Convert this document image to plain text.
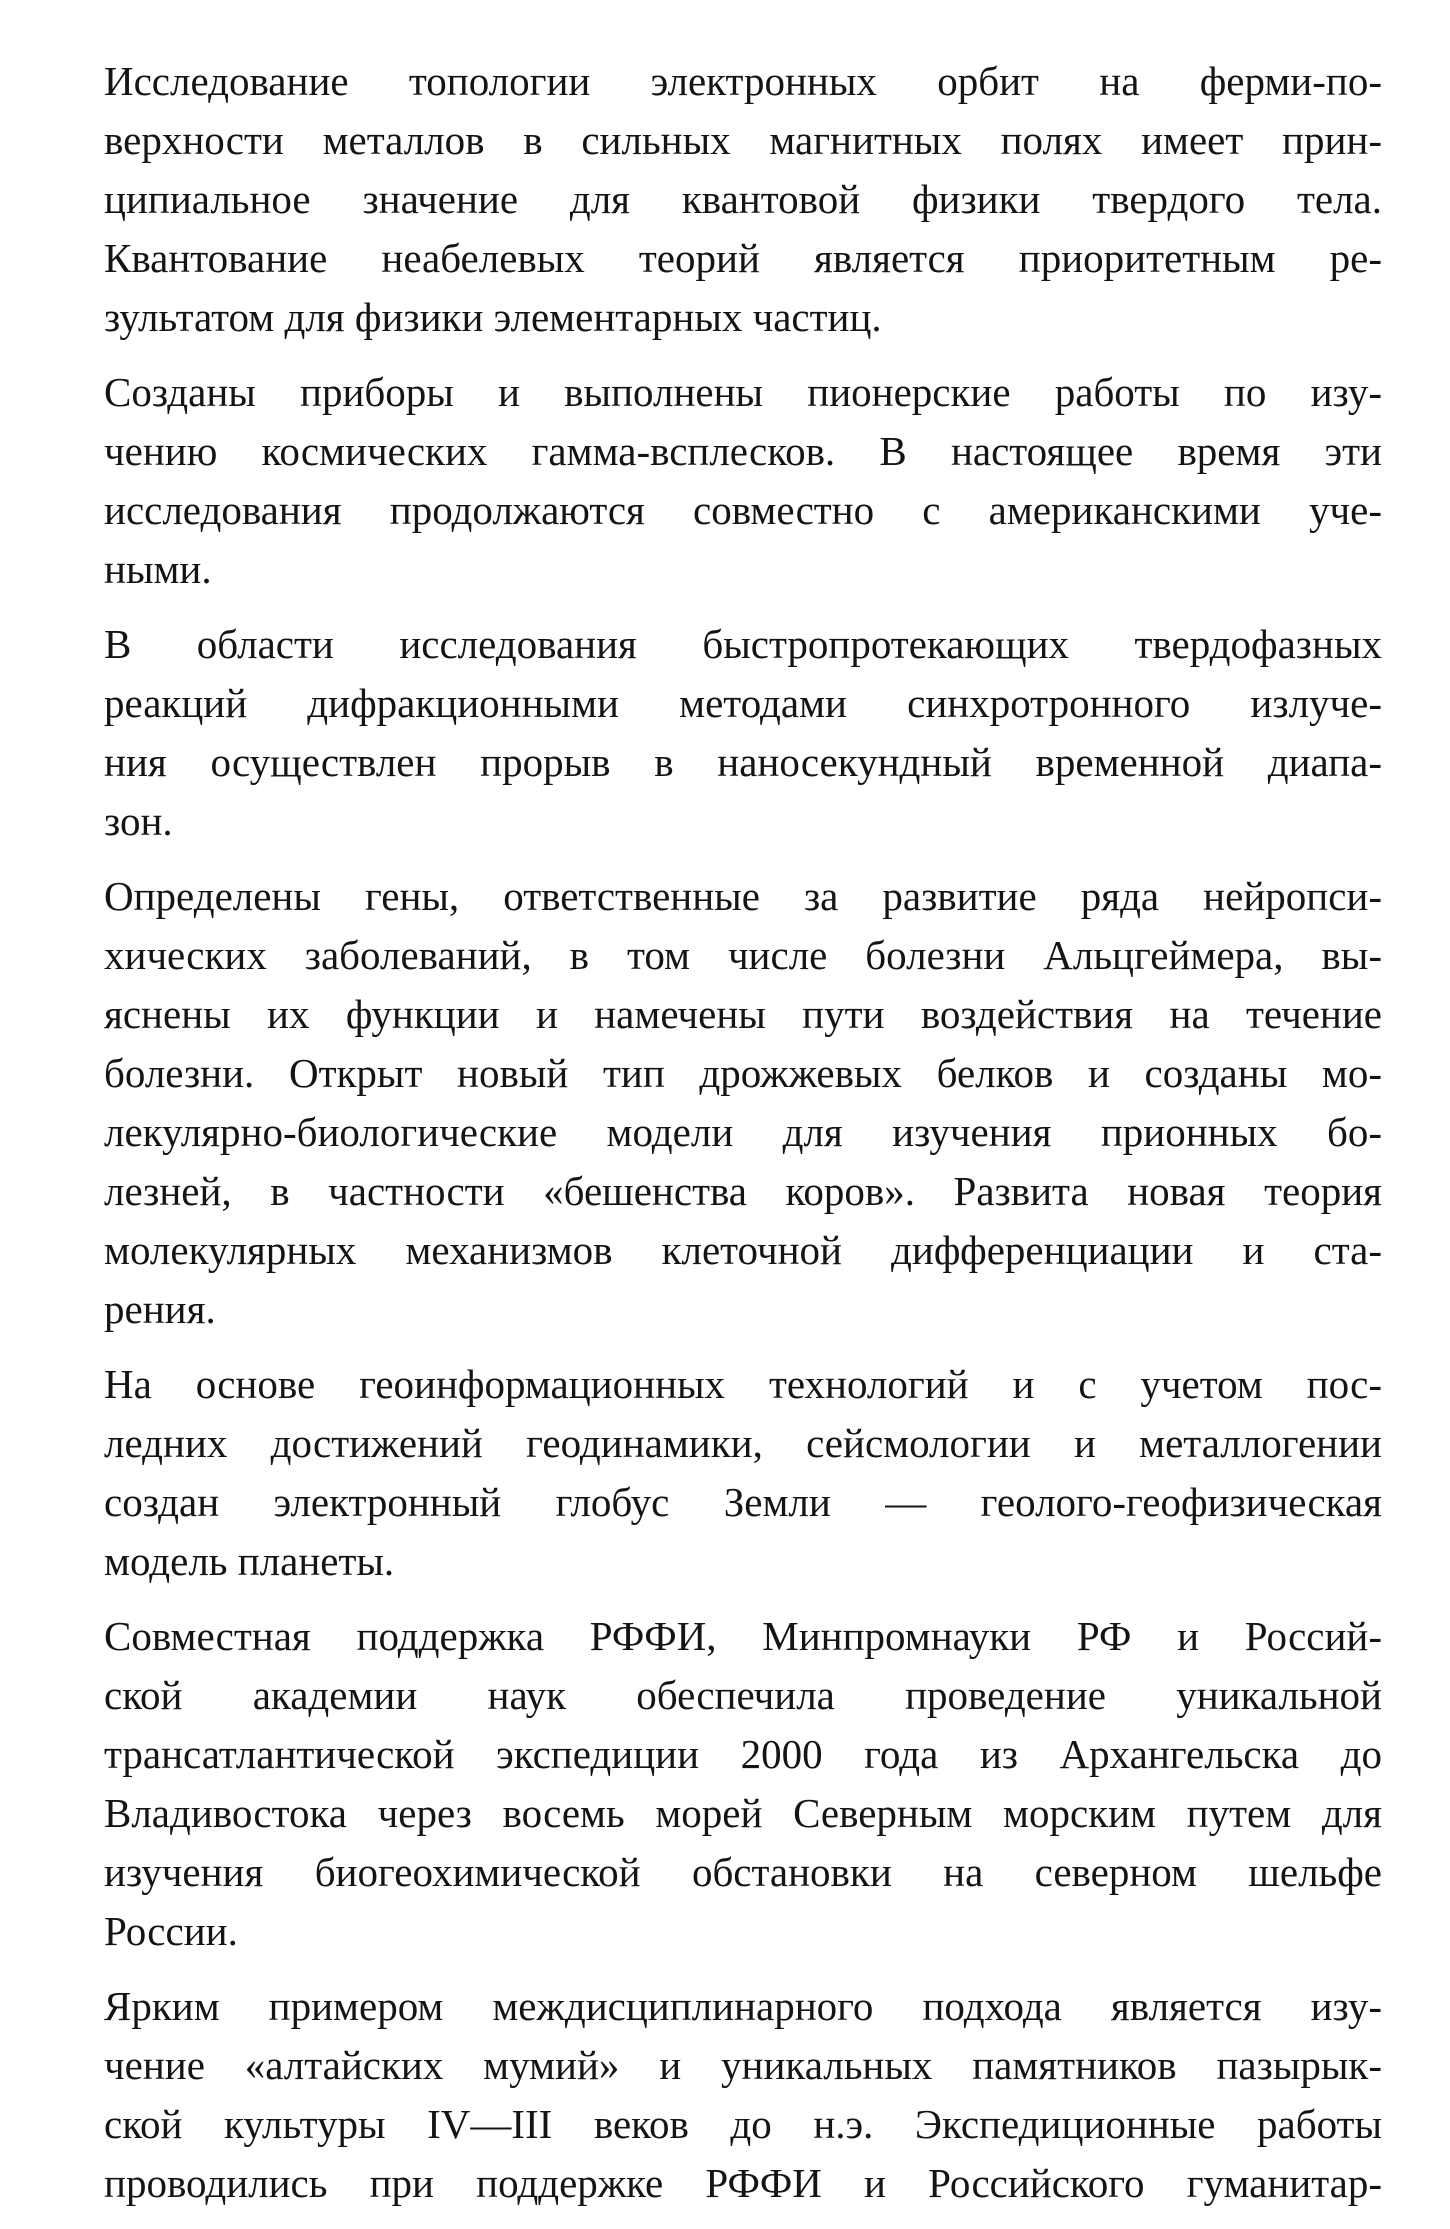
Исследование топологии электронных орбит на ферми-по-
верхности металлов в сильных магнитных полях имеет прин-
ципиальное значение для квантовой физики твердого тела.
Квантование неабелевых теорий является приоритетным ре-
зультатом для физики элементарных частиц.
Созданы приборы и выполнены пионерские работы по изу-
чению космических гамма-всплесков. В настоящее время эти
исследования продолжаются совместно с американскими уче-
ными.
В области исследования быстропротекающих твердофазных
реакций дифракционными методами синхротронного излуче-
ния осуществлен прорыв в наносекундный временной диапа-
зон.
Определены гены, ответственные за развитие ряда нейропси-
хических заболеваний, в том числе болезни Альцгеймера, вы-
яснены их функции и намечены пути воздействия на течение
болезни. Открыт новый тип дрожжевых белков и созданы мо-
лекулярно-биологические модели для изучения прионных бо-
лезней, в частности «бешенства коров». Развита новая теория
молекулярных механизмов клеточной дифференциации и ста-
рения.
На основе геоинформационных технологий и с учетом пос-
ледних достижений геодинамики, сейсмологии и металлогении
создан электронный глобус Земли — геолого-геофизическая
модель планеты.
Совместная поддержка РФФИ, Минпромнауки РФ и Россий-
ской академии наук обеспечила проведение уникальной
трансатлантической экспедиции 2000 года из Архангельска до
Владивостока через восемь морей Северным морским путем для
изучения биогеохимической обстановки на северном шельфе
России.
Ярким примером междисциплинарного подхода является изу-
чение «алтайских мумий» и уникальных памятников пазырык-
ской культуры IV—III веков до н.э. Экспедиционные работы
проводились при поддержке РФФИ и Российского гуманитар-
